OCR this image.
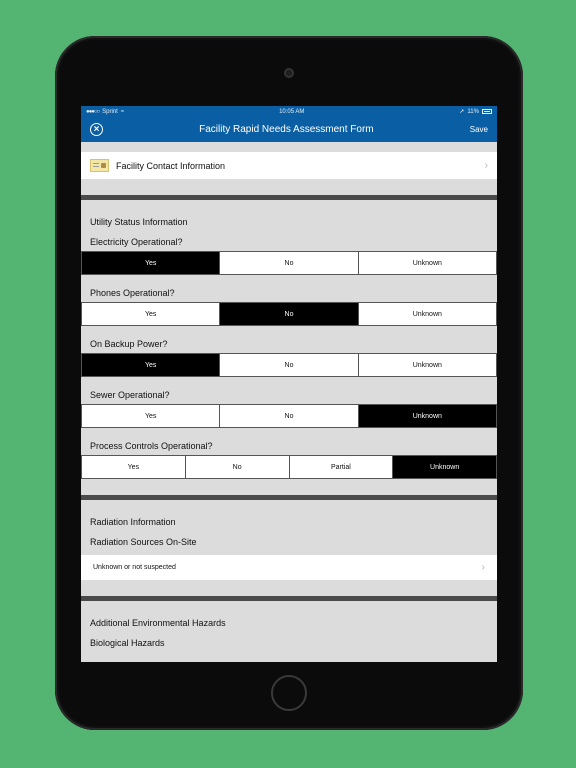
●●●○○ Sprint ≈	10:05 AM	➚ 11%
×	Facility Rapid Needs Assessment Form	Save
Facility Contact Information	›
Utility Status Information
Electricity Operational?
Yes	No	Unknown
Phones Operational?
Yes	No	Unknown
On Backup Power?
Yes	No	Unknown
Sewer Operational?
Yes	No	Unknown
Process Controls Operational?
Yes	No	Partial	Unknown
Radiation Information
Radiation Sources On-Site
Unknown or not suspected	›
Additional Environmental Hazards
Biological Hazards
